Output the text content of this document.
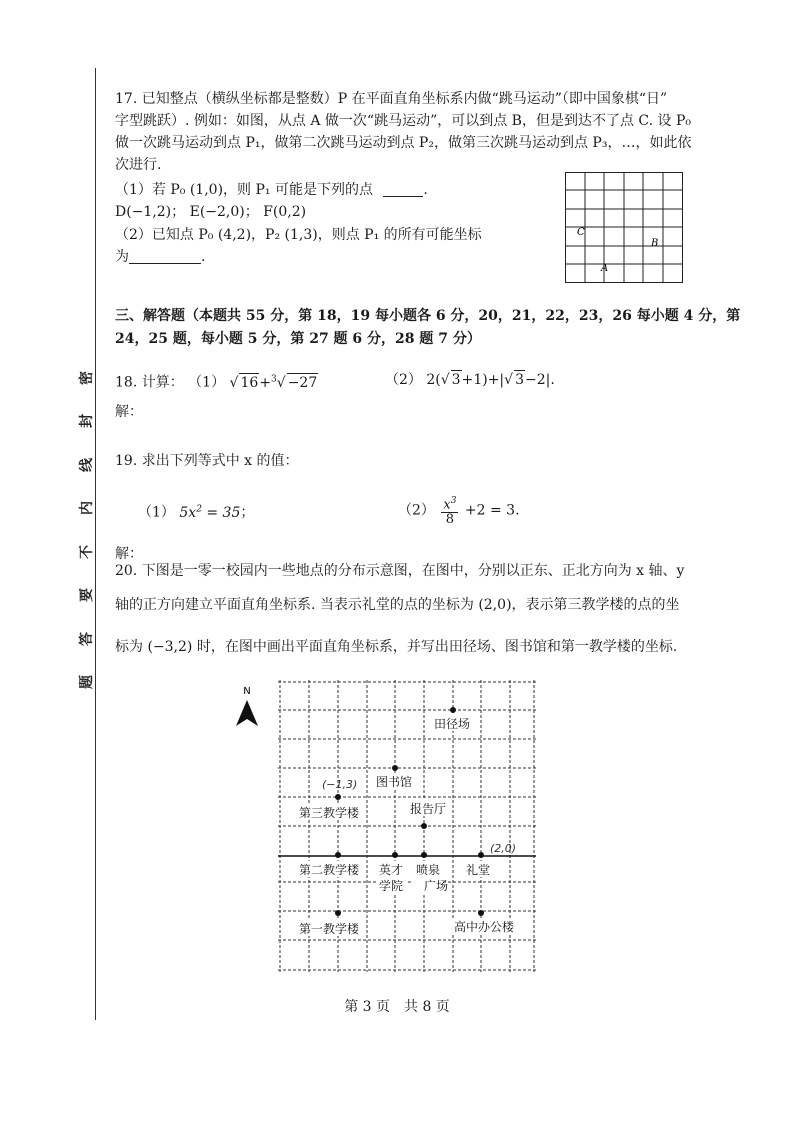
密
封
线
内
不
要
答
题
17. 已知整点（横纵坐标都是整数）P 在平面直角坐标系内做“跳马运动”（即中国象棋“日”
字型跳跃）. 例如：如图，从点 A 做一次“跳马运动”，可以到点 B，但是到达不了点 C. 设 P₀
做一次跳马运动到点 P₁，做第二次跳马运动到点 P₂，做第三次跳马运动到点 P₃，…，如此依
次进行.
（1）若 P₀ (1,0)，则 P₁ 可能是下列的点	.
D(−1,2)； E(−2,0)； F(0,2)
（2）已知点 P₀ (4,2)，P₂ (1,3)，则点 P₁ 的所有可能坐标
为	.
C
B
A
三、解答题（本题共 55 分，第 18，19 每小题各 6 分，20，21，22，23，26 每小题 4 分，第
24，25 题，每小题 5 分，第 27 题 6 分，28 题 7 分）
18. 计算： （1） √ 16+$^3$√ −27	（2） 2(√ 3+1)+|√ 3−2|.
解：
19. 求出下列等式中 x 的值：
（1） $5x^2 = 35$；	$(2) \frac{x^3}{8} +2 = 3$.
解：
20. 下图是一零一校园内一些地点的分布示意图，在图中，分别以正东、正北方向为 x 轴、y
轴的正方向建立平面直角坐标系. 当表示礼堂的点的坐标为 (2,0)，表示第三教学楼的点的坐
标为 (−3,2) 时，在图中画出平面直角坐标系，并写出田径场、图书馆和第一教学楼的坐标.
N
田径场
图书馆
第三教学楼	报告厅
第二教学楼 英才
学院
喷泉
广场
礼堂
第一教学楼	高中办公楼
(−1,3)
(2,0)
第 3 页　共 8 页
